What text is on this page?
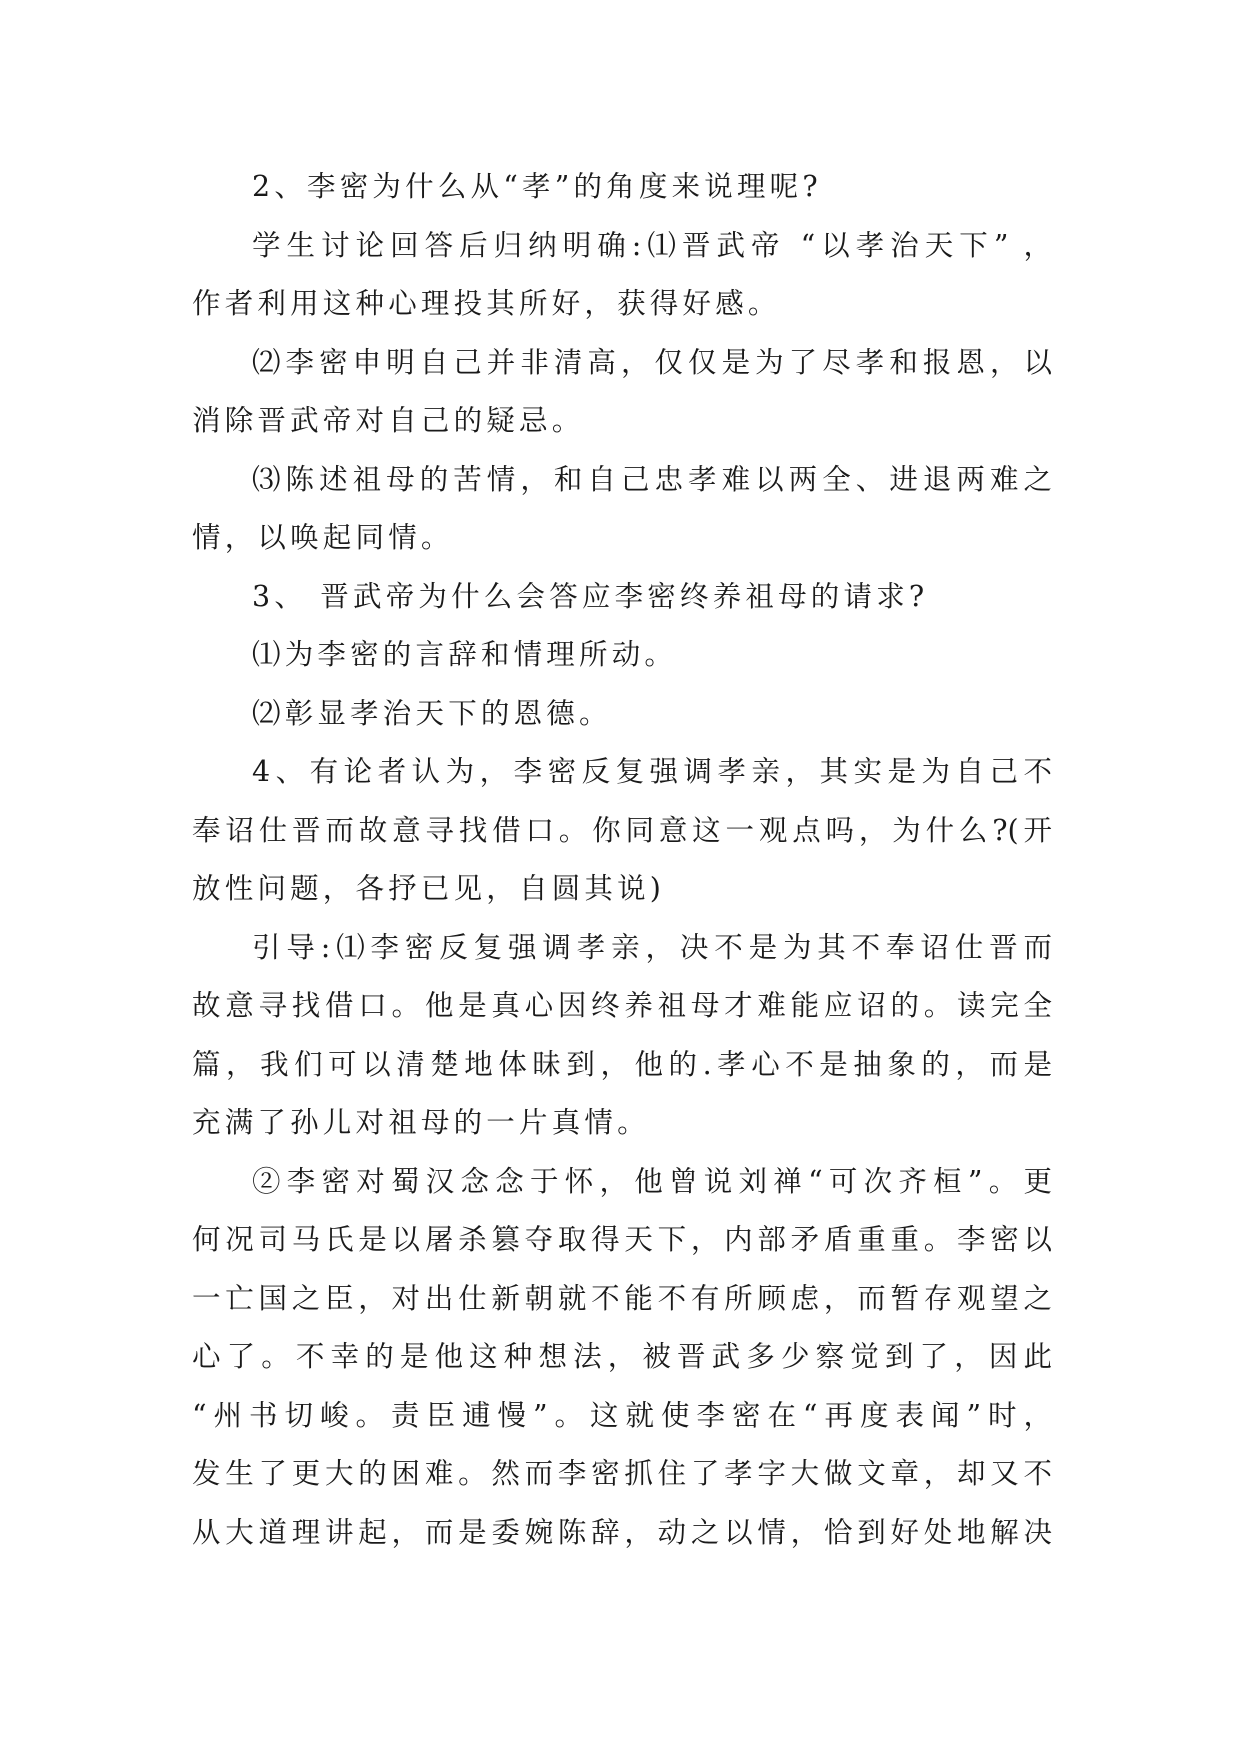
2、李密为什么从“孝”的角度来说理呢?
学生讨论回答后归纳明确:⑴晋武帝 “以孝治天下” ，
作者利用这种心理投其所好，获得好感。
⑵李密申明自己并非清高，仅仅是为了尽孝和报恩，以
消除晋武帝对自己的疑忌。
⑶陈述祖母的苦情，和自己忠孝难以两全、进退两难之
情，以唤起同情。
3、 晋武帝为什么会答应李密终养祖母的请求?
⑴为李密的言辞和情理所动。
⑵彰显孝治天下的恩德。
4、有论者认为，李密反复强调孝亲，其实是为自己不
奉诏仕晋而故意寻找借口。你同意这一观点吗，为什么?(开
放性问题，各抒已见，自圆其说)
引导:⑴李密反复强调孝亲，决不是为其不奉诏仕晋而
故意寻找借口。他是真心因终养祖母才难能应诏的。读完全
篇，我们可以清楚地体昧到，他的.孝心不是抽象的，而是
充满了孙儿对祖母的一片真情。
②李密对蜀汉念念于怀，他曾说刘禅“可次齐桓”。更
何况司马氏是以屠杀篡夺取得天下，内部矛盾重重。李密以
一亡国之臣，对出仕新朝就不能不有所顾虑，而暂存观望之
心了。不幸的是他这种想法，被晋武多少察觉到了，因此
“州书切峻。责臣逋慢”。这就使李密在“再度表闻”时，
发生了更大的困难。然而李密抓住了孝字大做文章，却又不
从大道理讲起，而是委婉陈辞，动之以情，恰到好处地解决
